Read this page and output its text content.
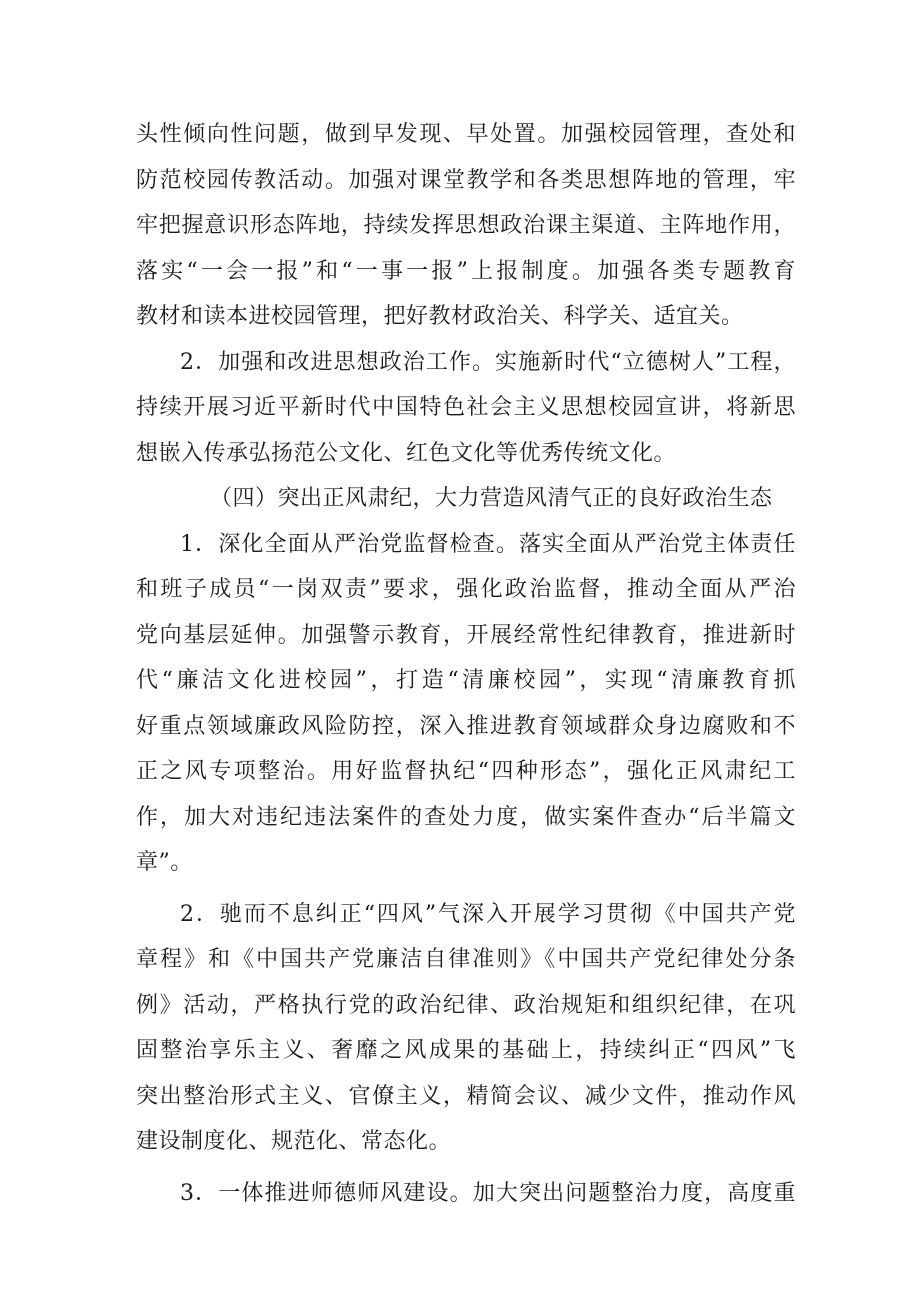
头性倾向性问题，做到早发现、早处置。加强校园管理，查处和
防范校园传教活动。加强对课堂教学和各类思想阵地的管理，牢
牢把握意识形态阵地，持续发挥思想政治课主渠道、主阵地作用，
落实“一会一报”和“一事一报”上报制度。加强各类专题教育
教材和读本进校园管理，把好教材政治关、科学关、适宜关。
2．加强和改进思想政治工作。实施新时代“立德树人”工程，
持续开展习近平新时代中国特色社会主义思想校园宣讲，将新思
想嵌入传承弘扬范公文化、红色文化等优秀传统文化。
（四）突出正风肃纪，大力营造风清气正的良好政治生态
1．深化全面从严治党监督检查。落实全面从严治党主体责任
和班子成员“一岗双责”要求，强化政治监督，推动全面从严治
党向基层延伸。加强警示教育，开展经常性纪律教育，推进新时
代“廉洁文化进校园”，打造“清廉校园”，实现“清廉教育抓
好重点领域廉政风险防控，深入推进教育领域群众身边腐败和不
正之风专项整治。用好监督执纪“四种形态”，强化正风肃纪工
作，加大对违纪违法案件的查处力度，做实案件查办“后半篇文
章”。
2．驰而不息纠正“四风”气深入开展学习贯彻《中国共产党
章程》和《中国共产党廉洁自律准则》《中国共产党纪律处分条
例》活动，严格执行党的政治纪律、政治规矩和组织纪律，在巩
固整治享乐主义、奢靡之风成果的基础上，持续纠正“四风”飞
突出整治形式主义、官僚主义，精简会议、减少文件，推动作风
建设制度化、规范化、常态化。
3．一体推进师德师风建设。加大突出问题整治力度，高度重
